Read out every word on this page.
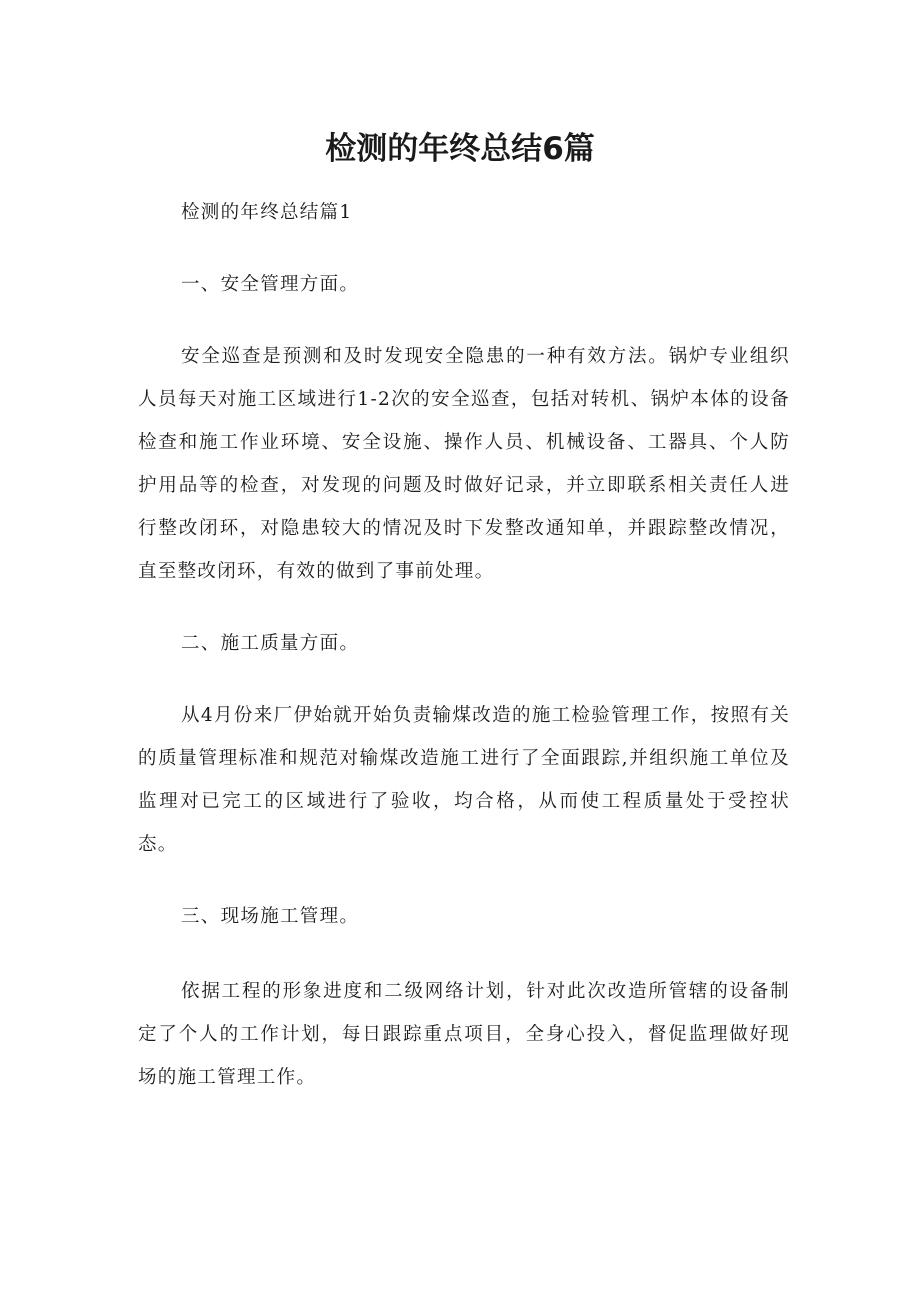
检测的年终总结6篇

检测的年终总结篇1

一、安全管理方面。

安全巡查是预测和及时发现安全隐患的一种有效方法。锅炉专业组织人员每天对施工区域进行1-2次的安全巡查，包括对转机、锅炉本体的设备检查和施工作业环境、安全设施、操作人员、机械设备、工器具、个人防护用品等的检查，对发现的问题及时做好记录，并立即联系相关责任人进行整改闭环，对隐患较大的情况及时下发整改通知单，并跟踪整改情况，直至整改闭环，有效的做到了事前处理。

二、施工质量方面。

从4月份来厂伊始就开始负责输煤改造的施工检验管理工作，按照有关的质量管理标准和规范对输煤改造施工进行了全面跟踪,并组织施工单位及监理对已完工的区域进行了验收，均合格，从而使工程质量处于受控状态。

三、现场施工管理。

依据工程的形象进度和二级网络计划，针对此次改造所管辖的设备制定了个人的工作计划，每日跟踪重点项目，全身心投入，督促监理做好现场的施工管理工作。
